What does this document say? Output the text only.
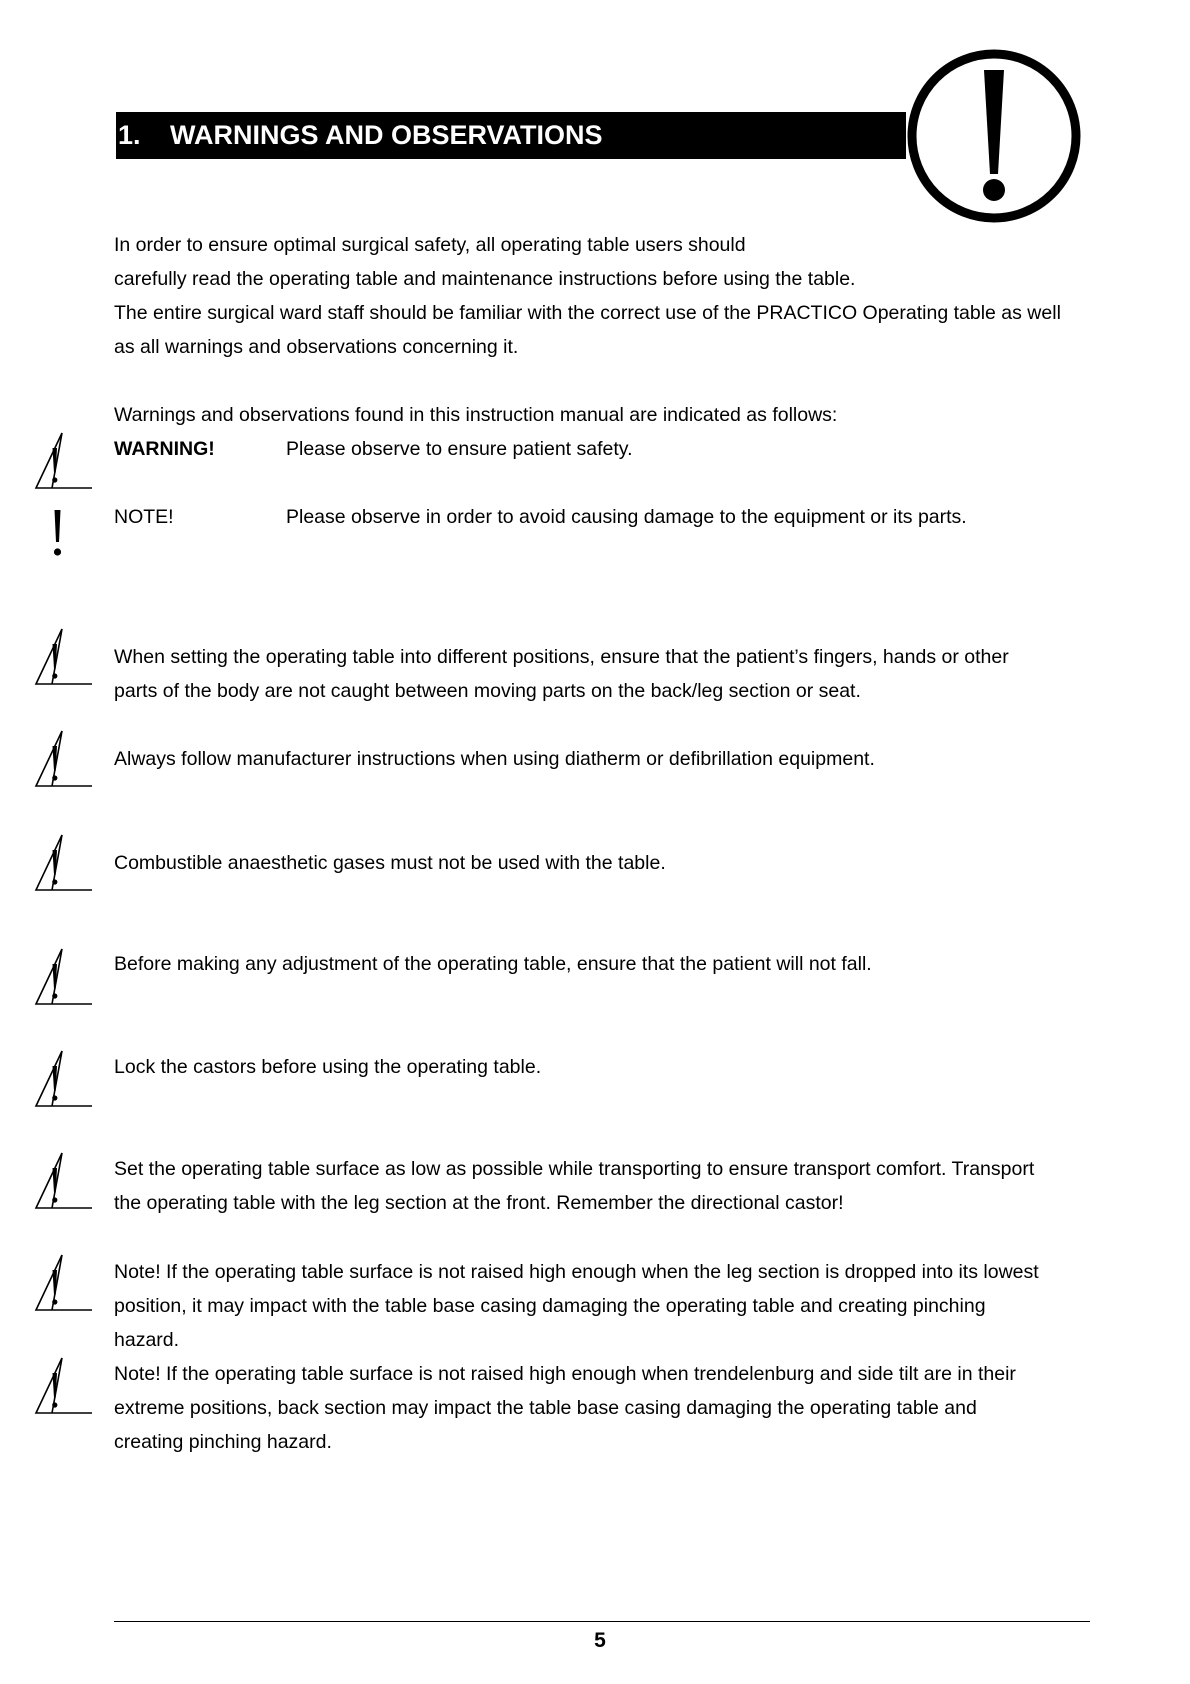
1. WARNINGS AND OBSERVATIONS
In order to ensure optimal surgical safety, all operating table users should
carefully read the operating table and maintenance instructions before using the table.
The entire surgical ward staff should be familiar with the correct use of the PRACTICO Operating table as well
as all warnings and observations concerning it.
Warnings and observations found in this instruction manual are indicated as follows:
WARNING!	Please observe to ensure patient safety.
NOTE!	Please observe in order to avoid causing damage to the equipment or its parts.
When setting the operating table into different positions, ensure that the patient’s fingers, hands or other
parts of the body are not caught between moving parts on the back/leg section or seat.
Always follow manufacturer instructions when using diatherm or defibrillation equipment.
Combustible anaesthetic gases must not be used with the table.
Before making any adjustment of the operating table, ensure that the patient will not fall.
Lock the castors before using the operating table.
Set the operating table surface as low as possible while transporting to ensure transport comfort. Transport
the operating table with the leg section at the front. Remember the directional castor!
Note! If the operating table surface is not raised high enough when the leg section is dropped into its lowest
position, it may impact with the table base casing damaging the operating table and creating pinching
hazard.
Note! If the operating table surface is not raised high enough when trendelenburg and side tilt are in their
extreme positions, back section may impact the table base casing damaging the operating table and
creating pinching hazard.
5
